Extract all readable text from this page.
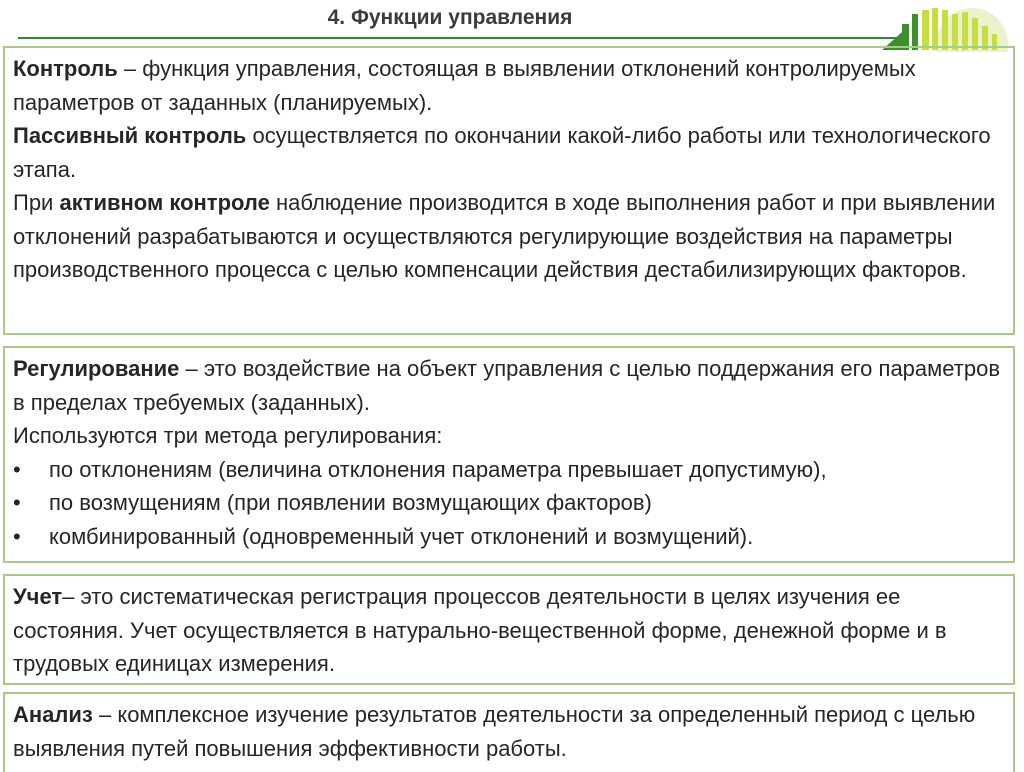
4. Функции управления

Контроль – функция управления, состоящая в выявлении отклонений контролируемых параметров от заданных (планируемых).

Пассивный контроль осуществляется по окончании какой-либо работы или технологического этапа.

При активном контроле наблюдение производится в ходе выполнения работ и при выявлении отклонений разрабатываются и осуществляются регулирующие воздействия на параметры производственного процесса с целью компенсации действия дестабилизирующих факторов.

Регулирование – это воздействие на объект управления с целью поддержания его параметров в пределах требуемых (заданных).

Используются три метода регулирования:

•	по отклонениям (величина отклонения параметра превышает допустимую),
•	по возмущениям (при появлении возмущающих факторов)
•	комбинированный (одновременный учет отклонений и возмущений).

Учет– это систематическая регистрация процессов деятельности в целях изучения ее состояния. Учет осуществляется в натурально-вещественной форме, денежной форме и в трудовых единицах измерения.

Анализ – комплексное изучение результатов деятельности за определенный период с целью выявления путей повышения эффективности работы.
